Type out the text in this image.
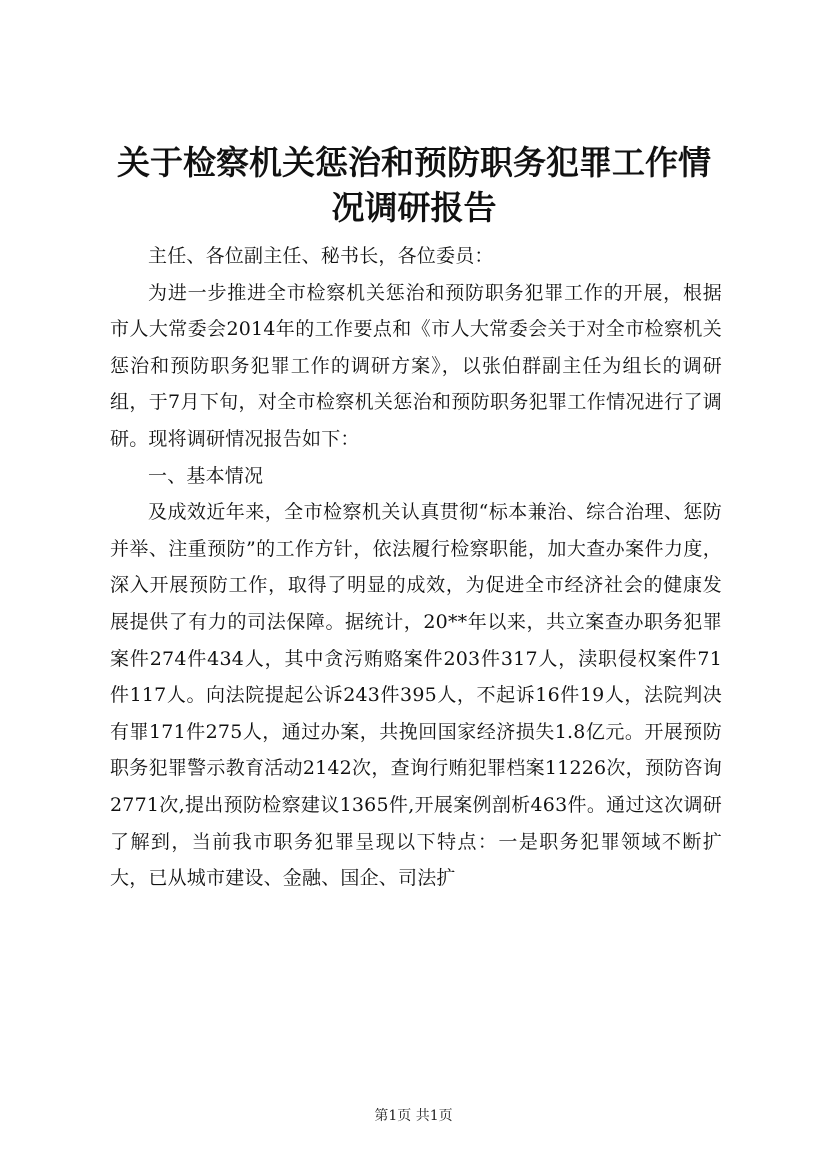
关于检察机关惩治和预防职务犯罪工作情况调研报告

主任、各位副主任、秘书长，各位委员：

为进一步推进全市检察机关惩治和预防职务犯罪工作的开展，根据市人大常委会2014年的工作要点和《市人大常委会关于对全市检察机关惩治和预防职务犯罪工作的调研方案》，以张伯群副主任为组长的调研组，于7月下旬，对全市检察机关惩治和预防职务犯罪工作情况进行了调研。现将调研情况报告如下：

一、基本情况

及成效近年来，全市检察机关认真贯彻“标本兼治、综合治理、惩防并举、注重预防”的工作方针，依法履行检察职能，加大查办案件力度，深入开展预防工作，取得了明显的成效，为促进全市经济社会的健康发展提供了有力的司法保障。据统计，20**年以来，共立案查办职务犯罪案件274件434人，其中贪污贿赂案件203件317人，渎职侵权案件71件117人。向法院提起公诉243件395人，不起诉16件19人，法院判决有罪171件275人，通过办案，共挽回国家经济损失1.8亿元。开展预防职务犯罪警示教育活动2142次，查询行贿犯罪档案11226次，预防咨询2771次,提出预防检察建议1365件,开展案例剖析463件。通过这次调研了解到，当前我市职务犯罪呈现以下特点：一是职务犯罪领域不断扩大，已从城市建设、金融、国企、司法扩

第1页 共1页
